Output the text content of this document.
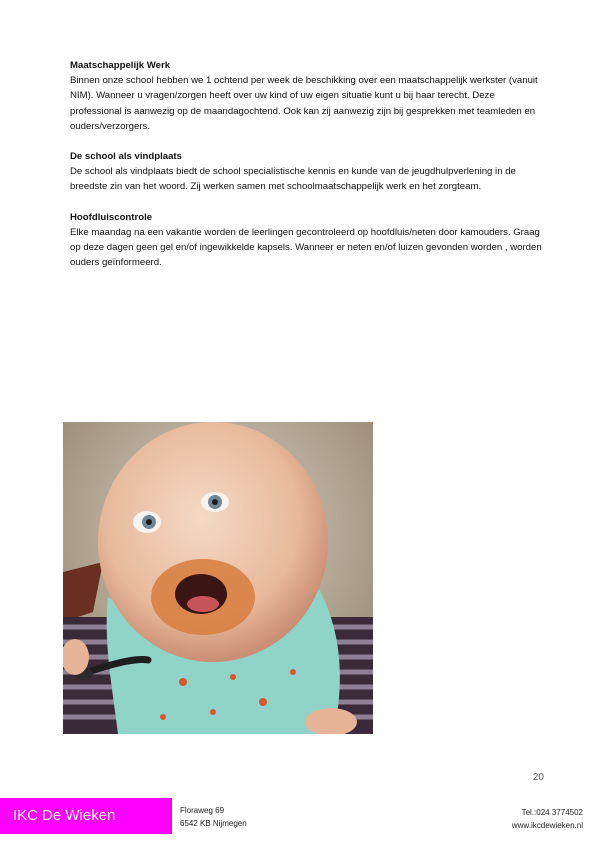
Maatschappelijk Werk

Binnen onze school hebben we 1 ochtend per week de beschikking over een maatschappelijk werkster (vanuit NIM). Wanneer u vragen/zorgen heeft over uw kind of uw eigen situatie kunt u bij haar terecht. Deze professional is aanwezig op de maandagochtend. Ook kan zij aanwezig zijn bij gesprekken met teamleden en ouders/verzorgers.

De school als vindplaats

De school als vindplaats biedt de school specialistische kennis en kunde van de jeugdhulpverlening in de breedste zin van het woord. Zij werken samen met schoolmaatschappelijk werk en het zorgteam.

Hoofdluiscontrole

Elke maandag na een vakantie worden de leerlingen gecontroleerd op hoofdluis/neten door kamouders. Graag op deze dagen geen gel en/of ingewikkelde kapsels. Wanneer er neten en/of luizen gevonden worden , worden ouders geïnformeerd.

20
IKC De Wieken	Floraweg 69
6542 KB Nijmegen
Tel.:024 3774502
www.ikcdewieken.nl
